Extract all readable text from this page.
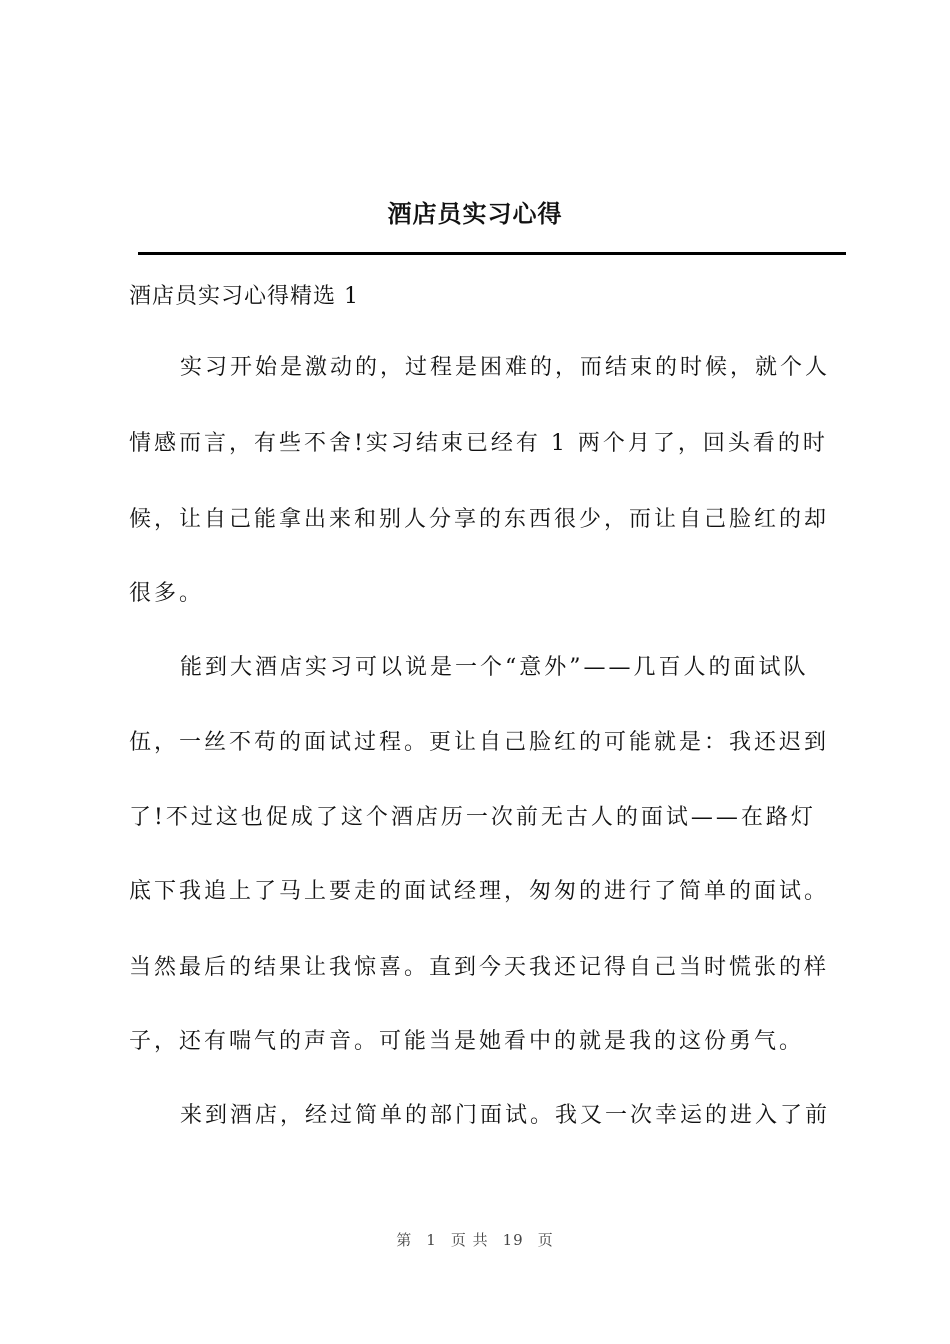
酒店员实习心得
酒店员实习心得精选 1
实习开始是激动的，过程是困难的，而结束的时候，就个人
情感而言，有些不舍!实习结束已经有 1 两个月了，回头看的时
候，让自己能拿出来和别人分享的东西很少，而让自己脸红的却
很多。
能到大酒店实习可以说是一个“意外”——几百人的面试队
伍，一丝不苟的面试过程。更让自己脸红的可能就是：我还迟到
了!不过这也促成了这个酒店历一次前无古人的面试——在路灯
底下我追上了马上要走的面试经理，匆匆的进行了简单的面试。
当然最后的结果让我惊喜。直到今天我还记得自己当时慌张的样
子，还有喘气的声音。可能当是她看中的就是我的这份勇气。
来到酒店，经过简单的部门面试。我又一次幸运的进入了前
第 1 页 共 19 页
